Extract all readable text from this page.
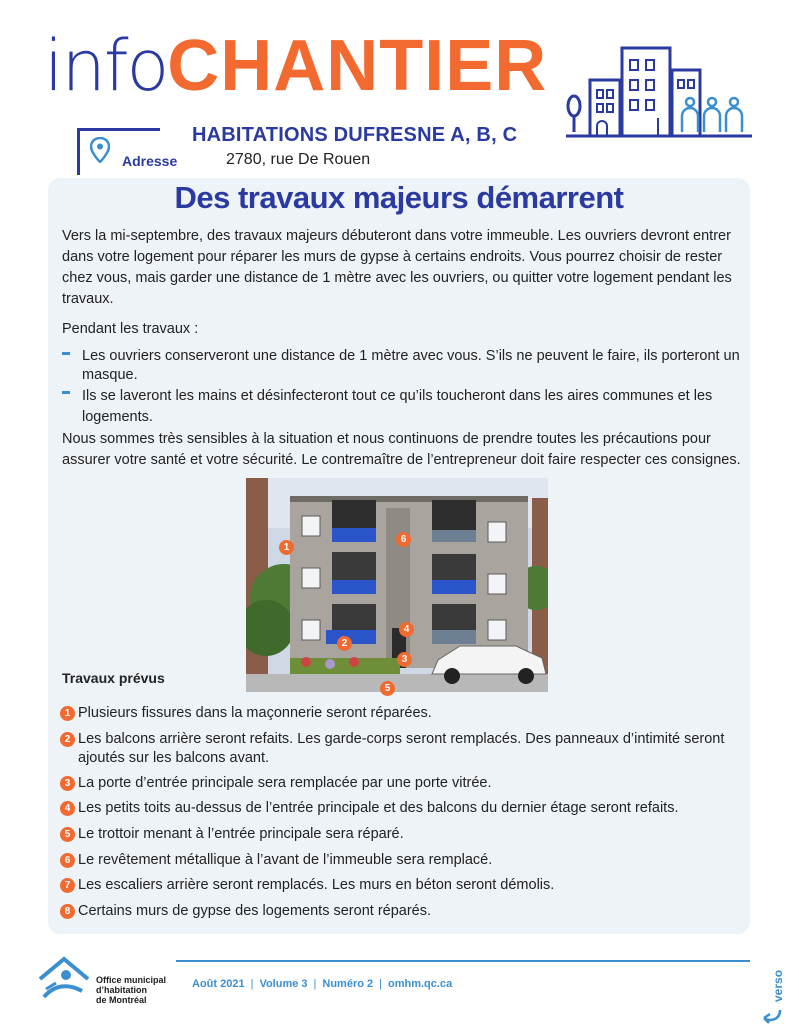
infoCHANTIER
HABITATIONS DUFRESNE A, B, C
Adresse	2780, rue De Rouen
Des travaux majeurs démarrent

Vers la mi-septembre, des travaux majeurs débuteront dans votre immeuble. Les ouvriers devront entrer dans votre logement pour réparer les murs de gypse à certains endroits. Vous pourrez choisir de rester chez vous, mais garder une distance de 1 mètre avec les ouvriers, ou quitter votre logement pendant les travaux.

Pendant les travaux :

Les ouvriers conserveront une distance de 1 mètre avec vous. S’ils ne peuvent le faire, ils porteront un masque.
Ils se laveront les mains et désinfecteront tout ce qu’ils toucheront dans les aires communes et les logements.

Nous sommes très sensibles à la situation et nous continuons de prendre toutes les précautions pour assurer votre santé et votre sécurité. Le contremaître de l’entrepreneur doit faire respecter ces consignes.

1
2
3
4
5
6
Travaux prévus
1 Plusieurs fissures dans la maçonnerie seront réparées.
2 Les balcons arrière seront refaits. Les garde-corps seront remplacés. Des panneaux d’intimité seront ajoutés sur les balcons avant.
3 La porte d’entrée principale sera remplacée par une porte vitrée.
4 Les petits toits au-dessus de l’entrée principale et des balcons du dernier étage seront refaits.
5 Le trottoir menant à l’entrée principale sera réparé.
6 Le revêtement métallique à l’avant de l’immeuble sera remplacé.
7 Les escaliers arrière seront remplacés. Les murs en béton seront démolis.
8 Certains murs de gypse des logements seront réparés.
Office municipal
d’habitation
de Montréal
Août 2021 | Volume 3 | Numéro 2 | omhm.qc.ca	verso
